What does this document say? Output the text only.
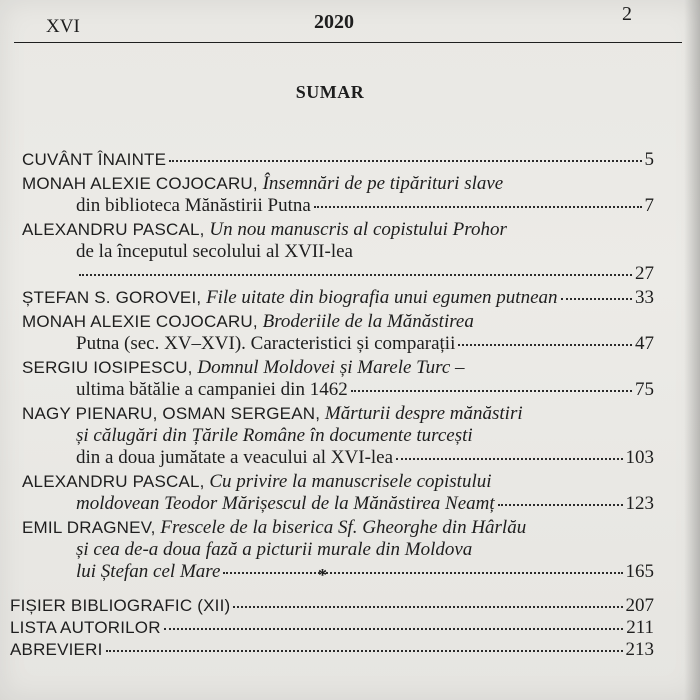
XVI	2020	2
SUMAR
CUVÂNT ÎNAINTE	5
MONAH ALEXIE COJOCARU, Însemnări de pe tipărituri slave
din biblioteca Mănăstirii Putna	7
ALEXANDRU PASCAL, Un nou manuscris al copistului Prohor
de la începutul secolului al XVII-lea
27
ȘTEFAN S. GOROVEI, File uitate din biografia unui egumen putnean	33
MONAH ALEXIE COJOCARU, Broderiile de la Mănăstirea
Putna (sec. XV–XVI). Caracteristici și comparații	47
SERGIU IOSIPESCU, Domnul Moldovei și Marele Turc –
ultima bătălie a campaniei din 1462	75
NAGY PIENARU, OSMAN SERGEAN, Mărturii despre mănăstiri
și călugări din Țările Române în documente turcești
din a doua jumătate a veacului al XVI-lea	103
ALEXANDRU PASCAL, Cu privire la manuscrisele copistului
moldovean Teodor Mărișescul de la Mănăstirea Neamț	123
EMIL DRAGNEV, Frescele de la biserica Sf. Gheorghe din Hârlău
și cea de-a doua fază a picturii murale din Moldova
lui Ștefan cel Mare	165
*
FIȘIER BIBLIOGRAFIC (XII)	207
LISTA AUTORILOR	211
ABREVIERI	213
